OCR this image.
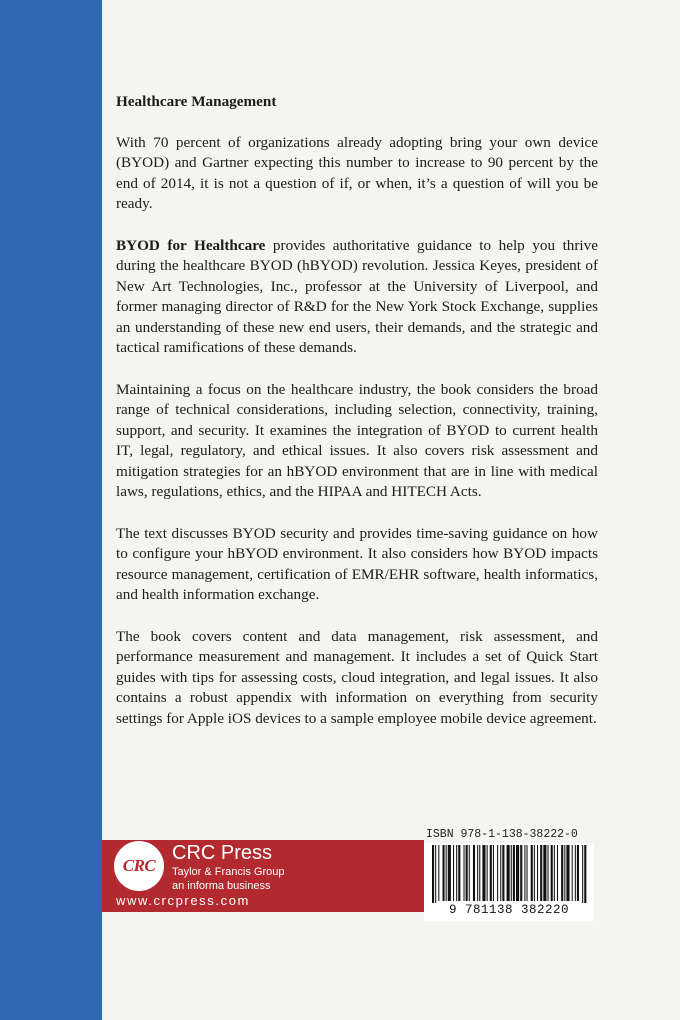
Healthcare Management

With 70 percent of organizations already adopting bring your own device (BYOD) and Gartner expecting this number to increase to 90 percent by the end of 2014, it is not a question of if, or when, it’s a question of will you be ready.

BYOD for Healthcare provides authoritative guidance to help you thrive during the healthcare BYOD (hBYOD) revolution. Jessica Keyes, president of New Art Technologies, Inc., professor at the University of Liverpool, and former managing director of R&D for the New York Stock Exchange, supplies an understanding of these new end users, their demands, and the strategic and tactical ramifications of these demands.

Maintaining a focus on the healthcare industry, the book considers the broad range of technical considerations, including selection, connectivity, training, support, and security. It examines the integration of BYOD to current health IT, legal, regulatory, and ethical issues. It also covers risk assessment and mitigation strategies for an hBYOD environment that are in line with medical laws, regulations, ethics, and the HIPAA and HITECH Acts.

The text discusses BYOD security and provides time-saving guidance on how to configure your hBYOD environment. It also considers how BYOD impacts resource management, certification of EMR/EHR software, health informatics, and health information exchange.

The book covers content and data management, risk assessment, and performance measurement and management. It includes a set of Quick Start guides with tips for assessing costs, cloud integration, and legal issues. It also contains a robust appendix with information on everything from security settings for Apple iOS devices to a sample employee mobile device agreement.

CRC
CRC Press
Taylor & Francis Group
an informa business
www.crcpress.com
ISBN 978-1-138-38222-0
9 781138 382220
